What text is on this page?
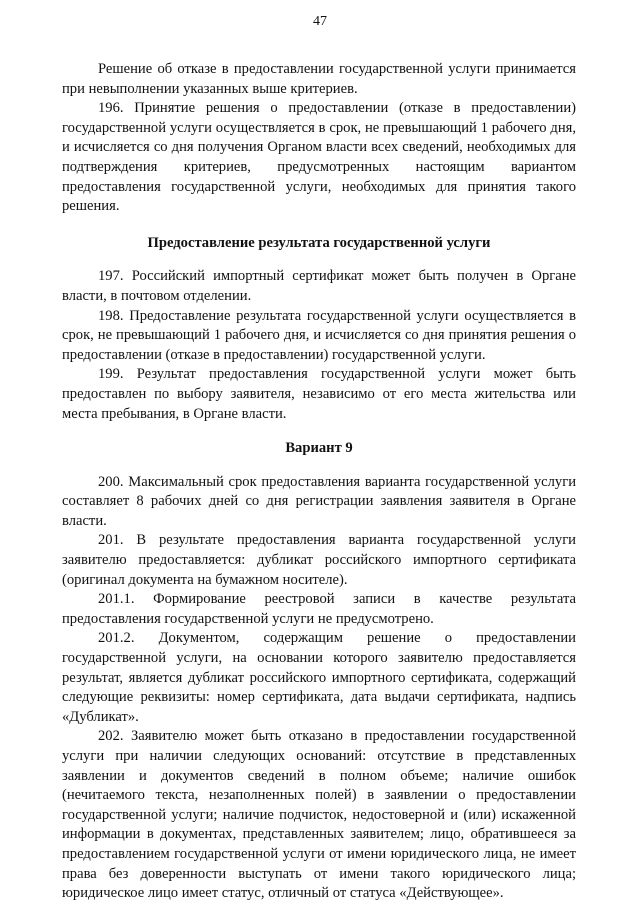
47

Решение об отказе в предоставлении государственной услуги принимается при невыполнении указанных выше критериев.

196. Принятие решения о предоставлении (отказе в предоставлении) государственной услуги осуществляется в срок, не превышающий 1 рабочего дня, и исчисляется со дня получения Органом власти всех сведений, необходимых для подтверждения критериев, предусмотренных настоящим вариантом предоставления государственной услуги, необходимых для принятия такого решения.

Предоставление результата государственной услуги

197. Российский импортный сертификат может быть получен в Органе власти, в почтовом отделении.

198. Предоставление результата государственной услуги осуществляется в срок, не превышающий 1 рабочего дня, и исчисляется со дня принятия решения о предоставлении (отказе в предоставлении) государственной услуги.

199. Результат предоставления государственной услуги может быть предоставлен по выбору заявителя, независимо от его места жительства или места пребывания, в Органе власти.

Вариант 9

200. Максимальный срок предоставления варианта государственной услуги составляет 8 рабочих дней со дня регистрации заявления заявителя в Органе власти.

201. В результате предоставления варианта государственной услуги заявителю предоставляется: дубликат российского импортного сертификата (оригинал документа на бумажном носителе).

201.1. Формирование реестровой записи в качестве результата предоставления государственной услуги не предусмотрено.

201.2. Документом, содержащим решение о предоставлении государственной услуги, на основании которого заявителю предоставляется результат, является дубликат российского импортного сертификата, содержащий следующие реквизиты: номер сертификата, дата выдачи сертификата, надпись «Дубликат».

202. Заявителю может быть отказано в предоставлении государственной услуги при наличии следующих оснований: отсутствие в представленных заявлении и документов сведений в полном объеме; наличие ошибок (нечитаемого текста, незаполненных полей) в заявлении о предоставлении государственной услуги; наличие подчисток, недостоверной и (или) искаженной информации в документах, представленных заявителем; лицо, обратившееся за предоставлением государственной услуги от имени юридического лица, не имеет права без доверенности выступать от имени такого юридического лица; юридическое лицо имеет статус, отличный от статуса «Действующее».
